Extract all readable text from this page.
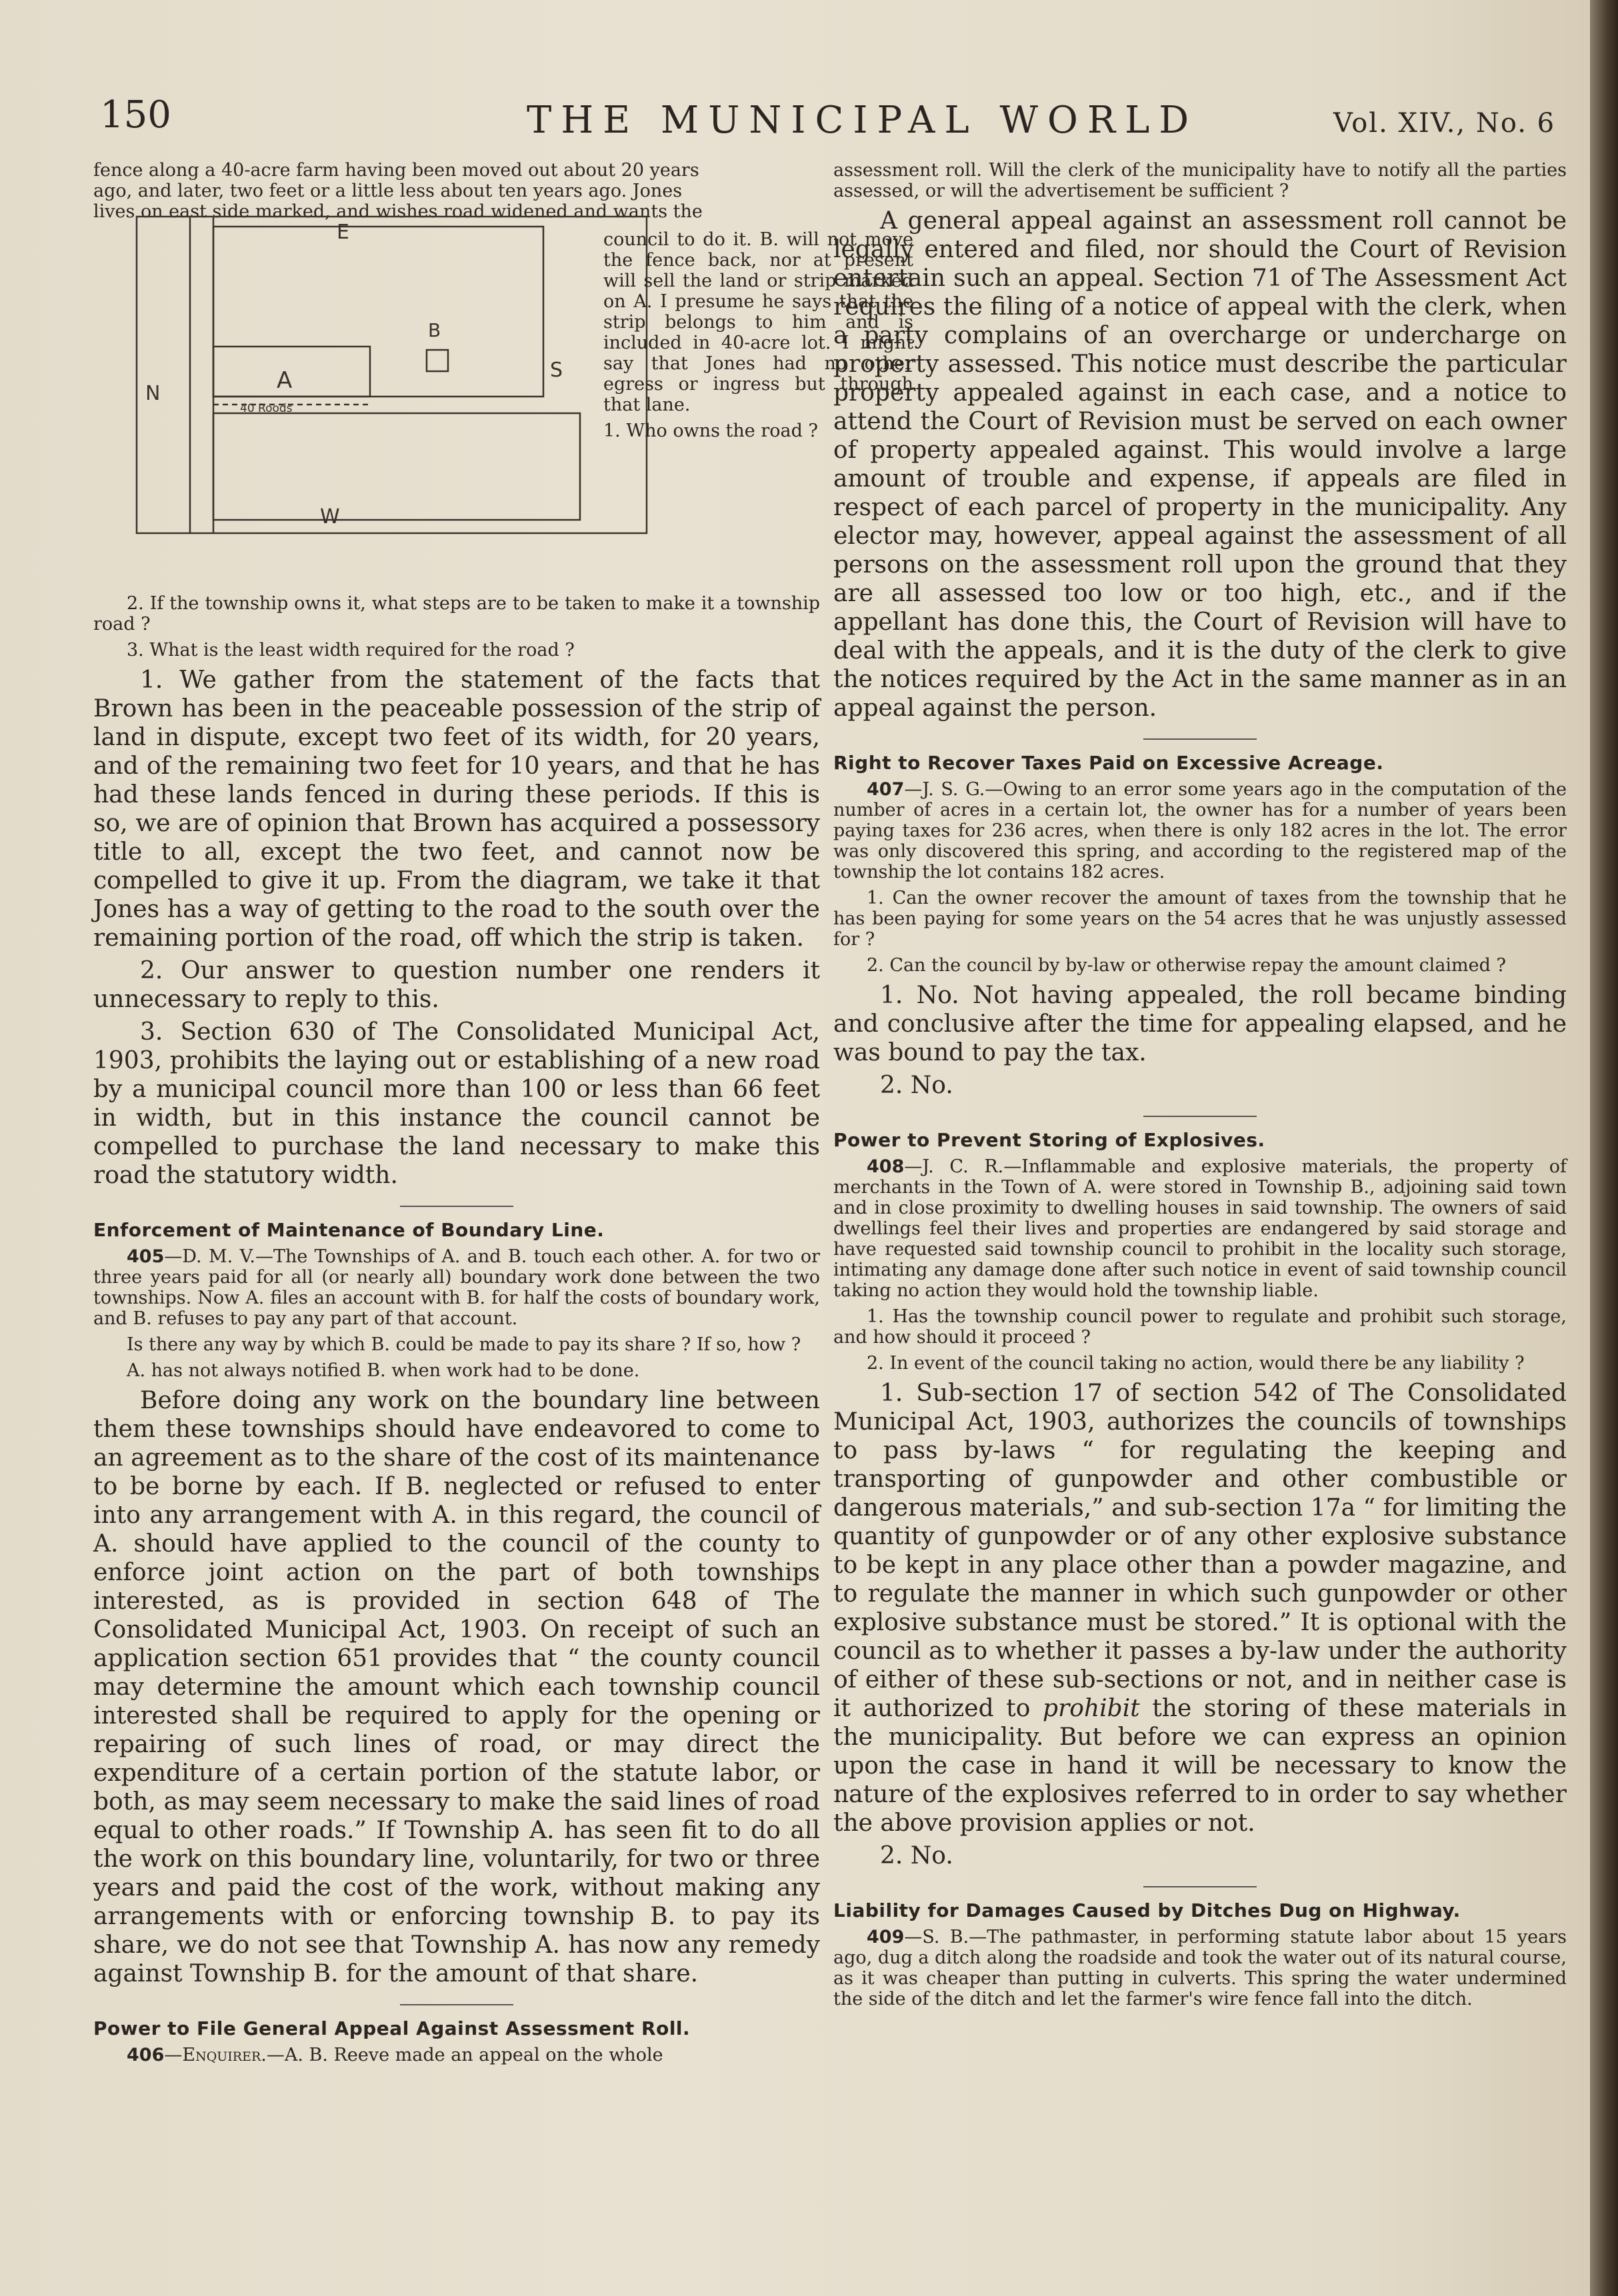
150	THE MUNICIPAL WORLD	Vol. XIV., No. 6

fence along a 40-acre farm having been moved out about 20 years

ago, and later, two feet or a little less about ten years ago. Jones

lives on east side marked, and wishes road widened and wants the

E
B
A	S
N
W
40 Roods

council to do it. B. will not move the fence back, nor at present will sell the land or strip marked on A. I presume he says that the strip belongs to him and is included in 40-acre lot. I might say that Jones had no other egress or ingress but through that lane.

1. Who owns the road ?

2. If the township owns it, what steps are to be taken to make it a township road ?

3. What is the least width required for the road ?

1. We gather from the statement of the facts that Brown has been in the peaceable possession of the strip of land in dispute, except two feet of its width, for 20 years, and of the remaining two feet for 10 years, and that he has had these lands fenced in during these periods. If this is so, we are of opinion that Brown has acquired a possessory title to all, except the two feet, and cannot now be compelled to give it up. From the diagram, we take it that Jones has a way of getting to the road to the south over the remaining portion of the road, off which the strip is taken.

2. Our answer to question number one renders it unnecessary to reply to this.

3. Section 630 of The Consolidated Municipal Act, 1903, prohibits the laying out or establishing of a new road by a municipal council more than 100 or less than 66 feet in width, but in this instance the council cannot be compelled to purchase the land necessary to make this road the statutory width.

Enforcement of Maintenance of Boundary Line.

405—D. M. V.—The Townships of A. and B. touch each other. A. for two or three years paid for all (or nearly all) boundary work done between the two townships. Now A. files an account with B. for half the costs of boundary work, and B. refuses to pay any part of that account.

Is there any way by which B. could be made to pay its share ? If so, how ?

A. has not always notified B. when work had to be done.

Before doing any work on the boundary line between them these townships should have endeavored to come to an agreement as to the share of the cost of its maintenance to be borne by each. If B. neglected or refused to enter into any arrangement with A. in this regard, the council of A. should have applied to the council of the county to enforce joint action on the part of both townships interested, as is provided in section 648 of The Consolidated Municipal Act, 1903. On receipt of such an application section 651 provides that “ the county council may determine the amount which each township council interested shall be required to apply for the opening or repairing of such lines of road, or may direct the expenditure of a certain portion of the statute labor, or both, as may seem necessary to make the said lines of road equal to other roads.” If Township A. has seen fit to do all the work on this boundary line, voluntarily, for two or three years and paid the cost of the work, without making any arrangements with or enforcing township B. to pay its share, we do not see that Township A. has now any remedy against Township B. for the amount of that share.

Power to File General Appeal Against Assessment Roll.

406—Enquirer.—A. B. Reeve made an appeal on the whole

assessment roll. Will the clerk of the municipality have to notify all the parties assessed, or will the advertisement be sufficient ?

A general appeal against an assessment roll cannot be legally entered and filed, nor should the Court of Revision entertain such an appeal. Section 71 of The Assessment Act requires the filing of a notice of appeal with the clerk, when a party complains of an overcharge or undercharge on property assessed. This notice must describe the particular property appealed against in each case, and a notice to attend the Court of Revision must be served on each owner of property appealed against. This would involve a large amount of trouble and expense, if appeals are filed in respect of each parcel of property in the municipality. Any elector may, however, appeal against the assessment of all persons on the assessment roll upon the ground that they are all assessed too low or too high, etc., and if the appellant has done this, the Court of Revision will have to deal with the appeals, and it is the duty of the clerk to give the notices required by the Act in the same manner as in an appeal against the person.

Right to Recover Taxes Paid on Excessive Acreage.

407—J. S. G.—Owing to an error some years ago in the computation of the number of acres in a certain lot, the owner has for a number of years been paying taxes for 236 acres, when there is only 182 acres in the lot. The error was only discovered this spring, and according to the registered map of the township the lot contains 182 acres.

1. Can the owner recover the amount of taxes from the township that he has been paying for some years on the 54 acres that he was unjustly assessed for ?

2. Can the council by by-law or otherwise repay the amount claimed ?

1. No. Not having appealed, the roll became binding and conclusive after the time for appealing elapsed, and he was bound to pay the tax.

2. No.

Power to Prevent Storing of Explosives.

408—J. C. R.—Inflammable and explosive materials, the property of merchants in the Town of A. were stored in Township B., adjoining said town and in close proximity to dwelling houses in said township. The owners of said dwellings feel their lives and properties are endangered by said storage and have requested said township council to prohibit in the locality such storage, intimating any damage done after such notice in event of said township council taking no action they would hold the township liable.

1. Has the township council power to regulate and prohibit such storage, and how should it proceed ?

2. In event of the council taking no action, would there be any liability ?

1. Sub-section 17 of section 542 of The Consolidated Municipal Act, 1903, authorizes the councils of townships to pass by-laws “ for regulating the keeping and transporting of gunpowder and other combustible or dangerous materials,” and sub-section 17a “ for limiting the quantity of gunpowder or of any other explosive substance to be kept in any place other than a powder magazine, and to regulate the manner in which such gunpowder or other explosive substance must be stored.” It is optional with the council as to whether it passes a by-law under the authority of either of these sub-sections or not, and in neither case is it authorized to prohibit the storing of these materials in the municipality. But before we can express an opinion upon the case in hand it will be necessary to know the nature of the explosives referred to in order to say whether the above provision applies or not.

2. No.

Liability for Damages Caused by Ditches Dug on Highway.

409—S. B.—The pathmaster, in performing statute labor about 15 years ago, dug a ditch along the roadside and took the water out of its natural course, as it was cheaper than putting in culverts. This spring the water undermined the side of the ditch and let the farmer's wire fence fall into the ditch.
